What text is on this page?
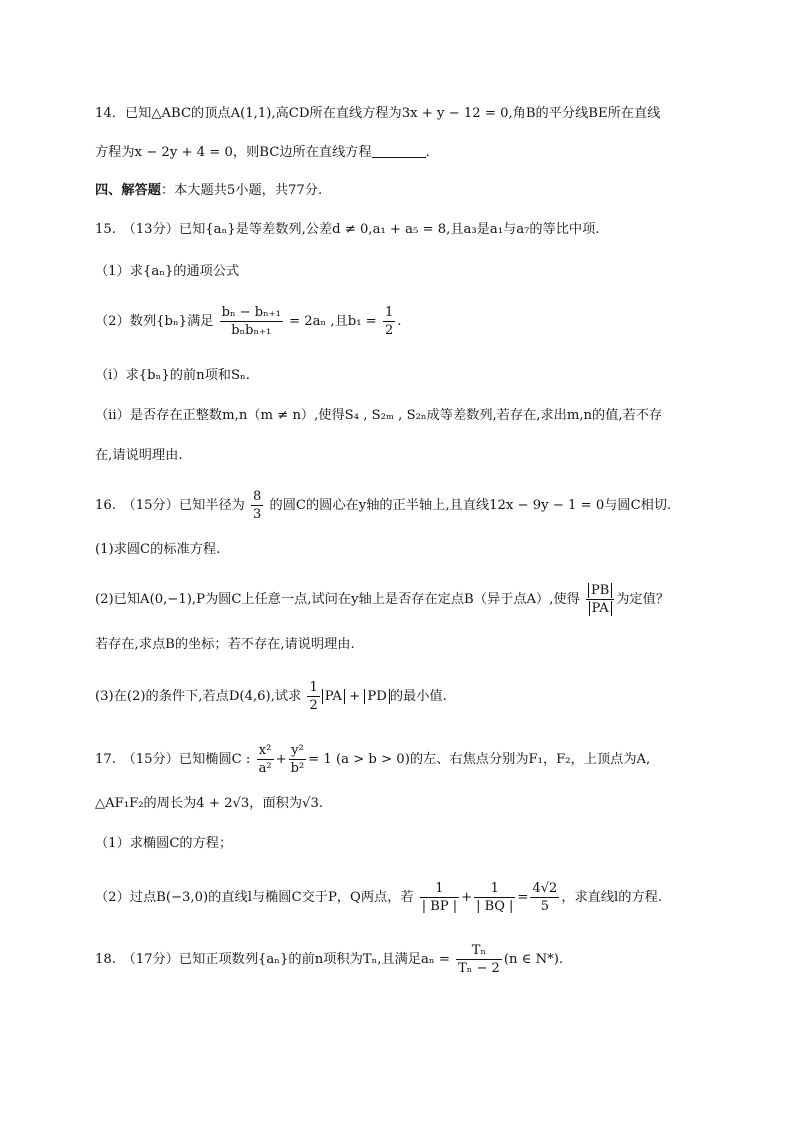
14．已知△ABC的顶点A(1,1),高CD所在直线方程为3x + y − 12 = 0,角B的平分线BE所在直线
方程为x − 2y + 4 = 0，则BC边所在直线方程	.
四、解答题：本大题共5小题，共77分.
15.　（13分）已知{aₙ}是等差数列,公差d ≠ 0,a₁ + a₅ = 8,且a₃是a₁与a₇的等比中项.
（1）求{aₙ}的通项公式
（2）数列{bₙ}满足 $\frac{\text{bₙ − bₙ₊₁}}{\text{bₙbₙ₊₁}} = 2a_n$ ,且$b_1 = \frac{1}{2}$ .
（ⅰ）求{bₙ}的前n项和Sₙ.
（ⅱ）是否存在正整数m,n（m ≠ n）,使得S₄ , S₂ₘ , S₂ₙ成等差数列,若存在,求出m,n的值,若不存
在,请说明理由.
16.　（15分）已知半径为 $\frac{8}{3}$ 的圆C的圆心在y轴的正半轴上,且直线12x − 9y − 1 = 0与圆C相切.
(1)求圆C的标准方程.
(2)已知A(0,−1),P为圆C上任意一点,试问在y轴上是否存在定点B（异于点A）,使得 $\frac{PB}{PA}$ 为定值？
若存在,求点B的坐标；若不存在,请说明理由.
(3)在(2)的条件下,若点D(4,6),试求 $\frac{1}{2}$ PA + PD 的最小值.
17.　（15分）已知椭圆C : $\frac{\text{x²}}{\text{a²}} + \frac{\text{y²}}{\text{b²}} = 1$ (a > b > 0)的左、右焦点分别为F₁，F₂，上顶点为A,
△AF₁F₂的周长为4 + 2√3，面积为√3.
（1）求椭圆C的方程；
（2）过点B(−3,0)的直线l与椭圆C交于P，Q两点，若 $\frac{1}{| BP |} + \frac{1}{| BQ |} = \frac{4√2}{5}$ ，求直线l的方程.
18.　（17分）已知正项数列{aₙ}的前n项积为Tₙ,且满足$a_n = \frac{\text{Tₙ}}{\text{Tₙ − 2}} (n$ ∈ N*).
